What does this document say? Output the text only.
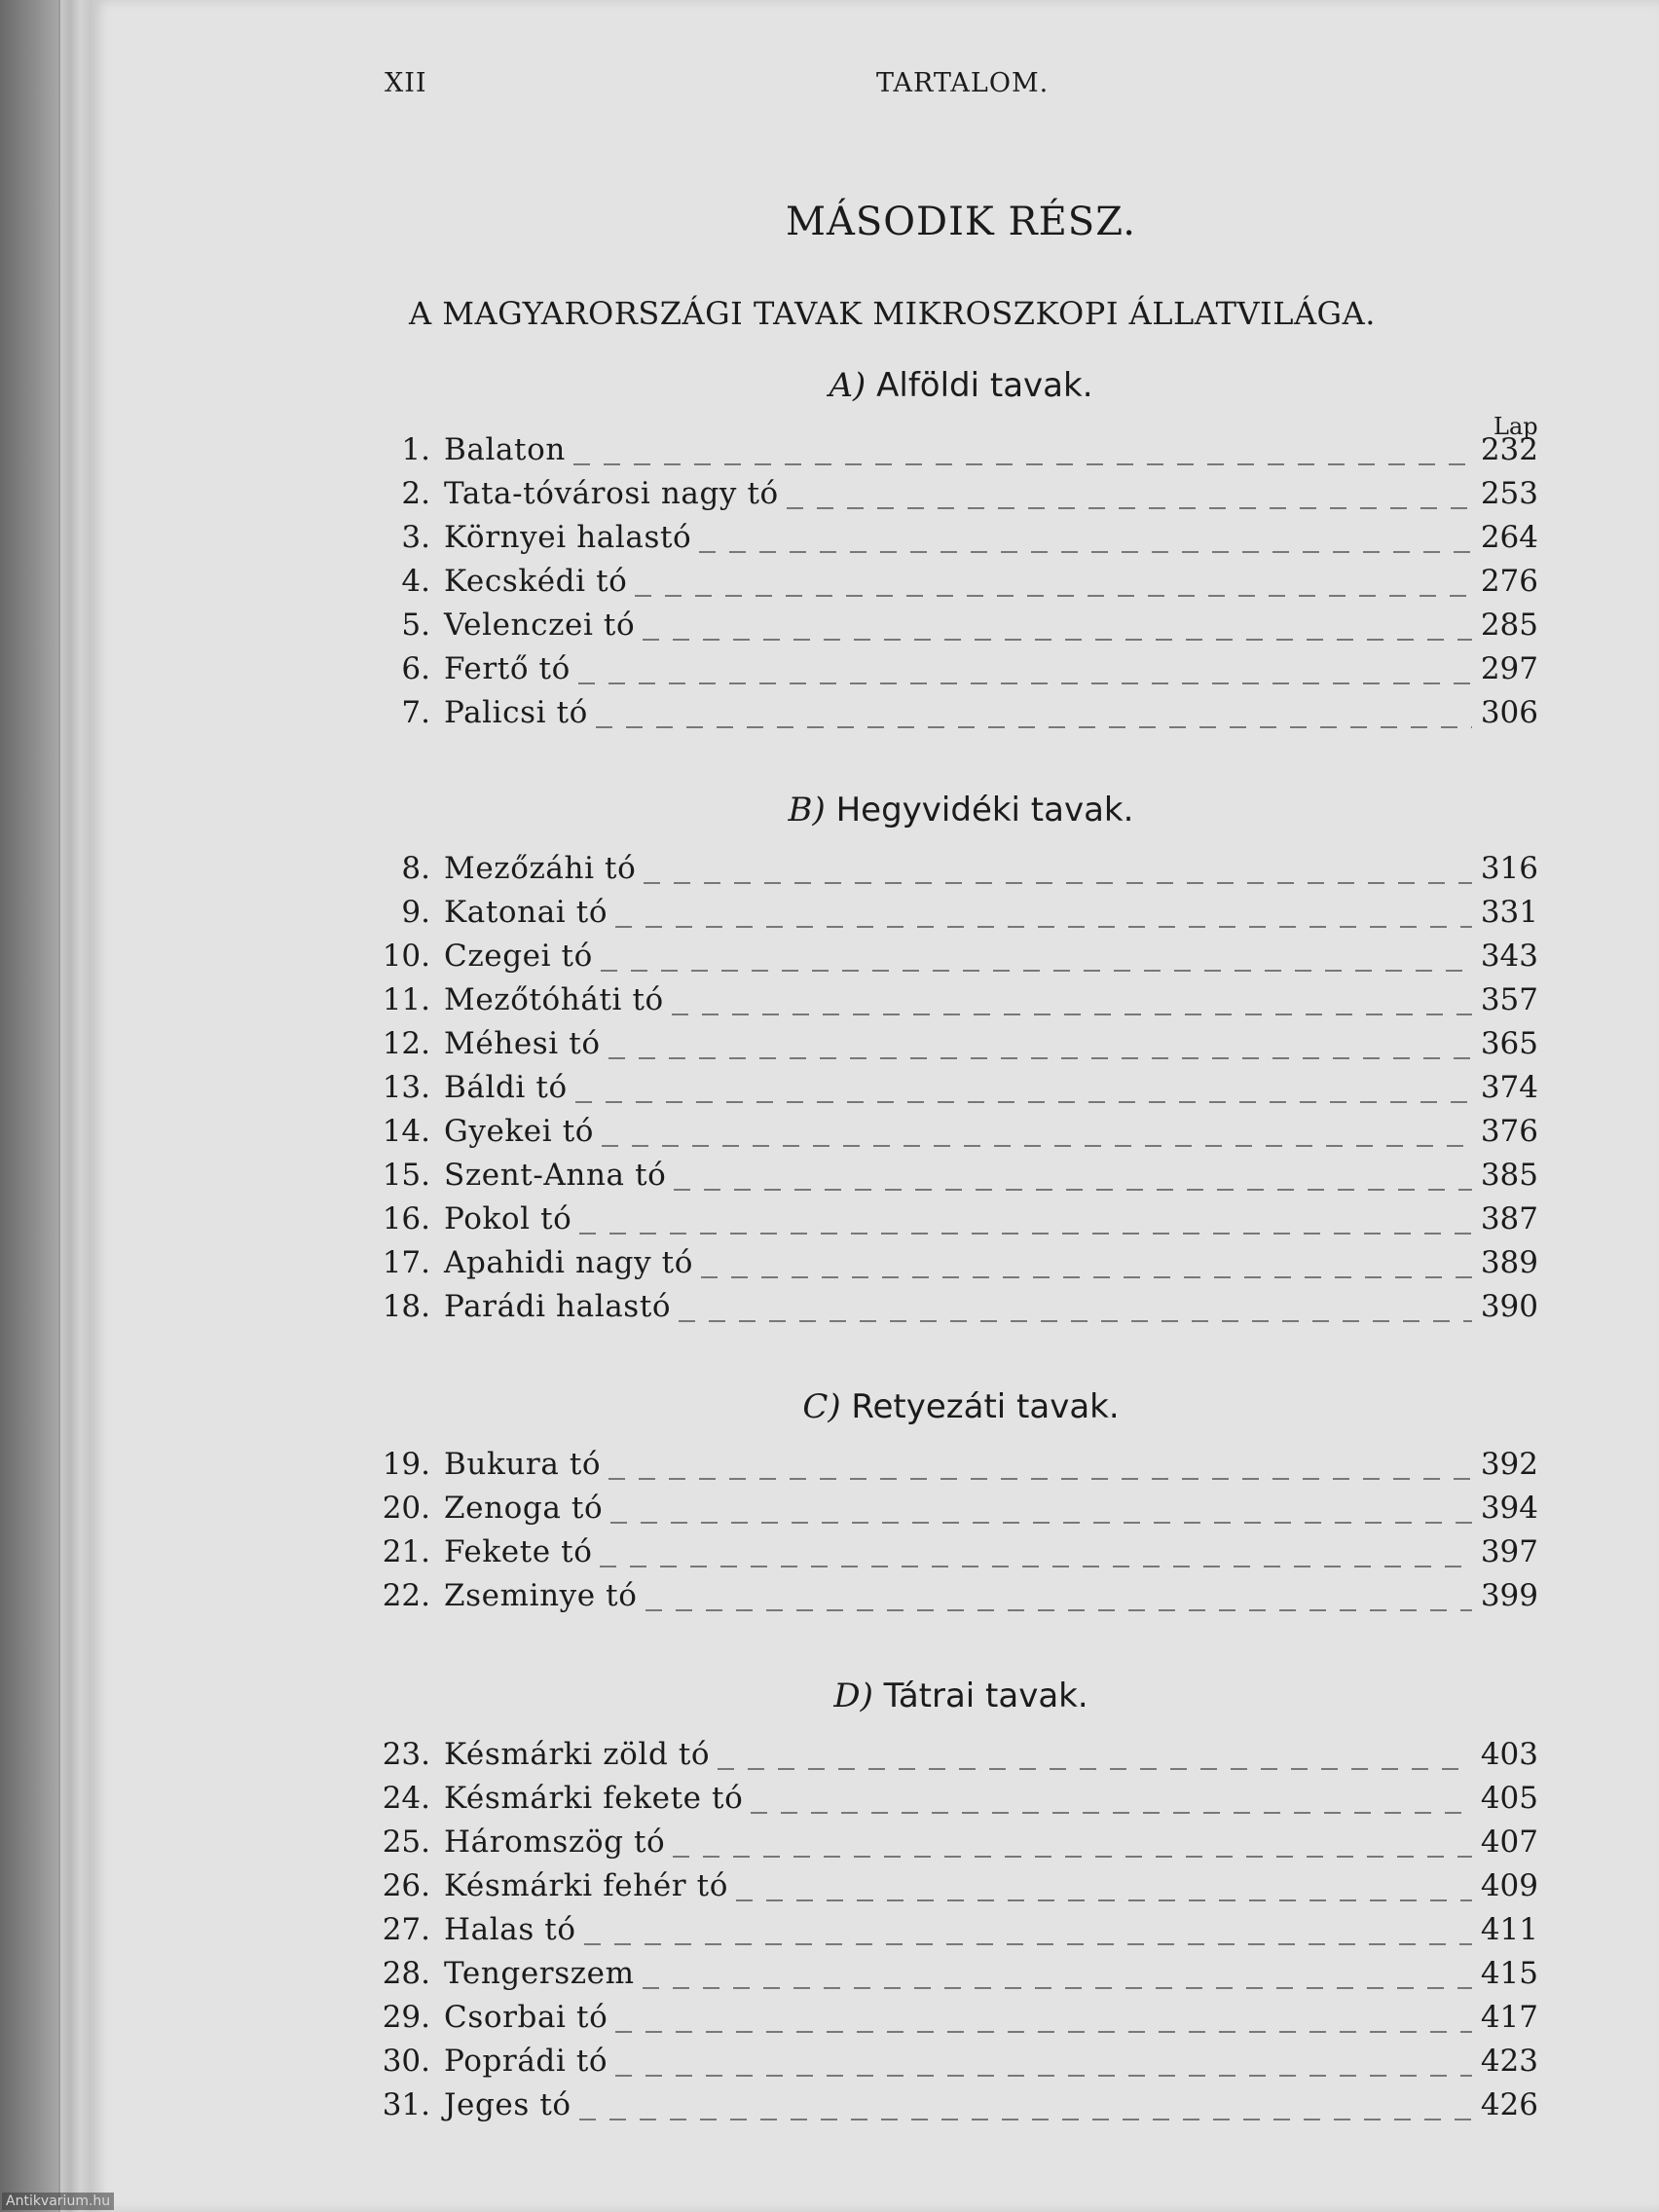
XII	TARTALOM.
MÁSODIK RÉSZ.
A MAGYARORSZÁGI TAVAK MIKROSZKOPI ÁLLATVILÁGA.
A) Alföldi tavak.
Lap
B) Hegyvidéki tavak.
C) Retyezáti tavak.
D) Tátrai tavak.
1. Balaton	232
2. Tata-tóvárosi nagy tó	253
3. Környei halastó	264
4. Kecskédi tó	276
5. Velenczei tó	285
6. Fertő tó	297
7. Palicsi tó	306
8. Mezőzáhi tó	316
9. Katonai tó	331
10. Czegei tó	343
11. Mezőtóháti tó	357
12. Méhesi tó	365
13. Báldi tó	374
14. Gyekei tó	376
15. Szent-Anna tó	385
16. Pokol tó	387
17. Apahidi nagy tó	389
18. Parádi halastó	390
19. Bukura tó	392
20. Zenoga tó	394
21. Fekete tó	397
22. Zseminye tó	399
23. Késmárki zöld tó	403
24. Késmárki fekete tó	405
25. Háromszög tó	407
26. Késmárki fehér tó	409
27. Halas tó	411
28. Tengerszem	415
29. Csorbai tó	417
30. Poprádi tó	423
31. Jeges tó	426
Antikvarium.hu
